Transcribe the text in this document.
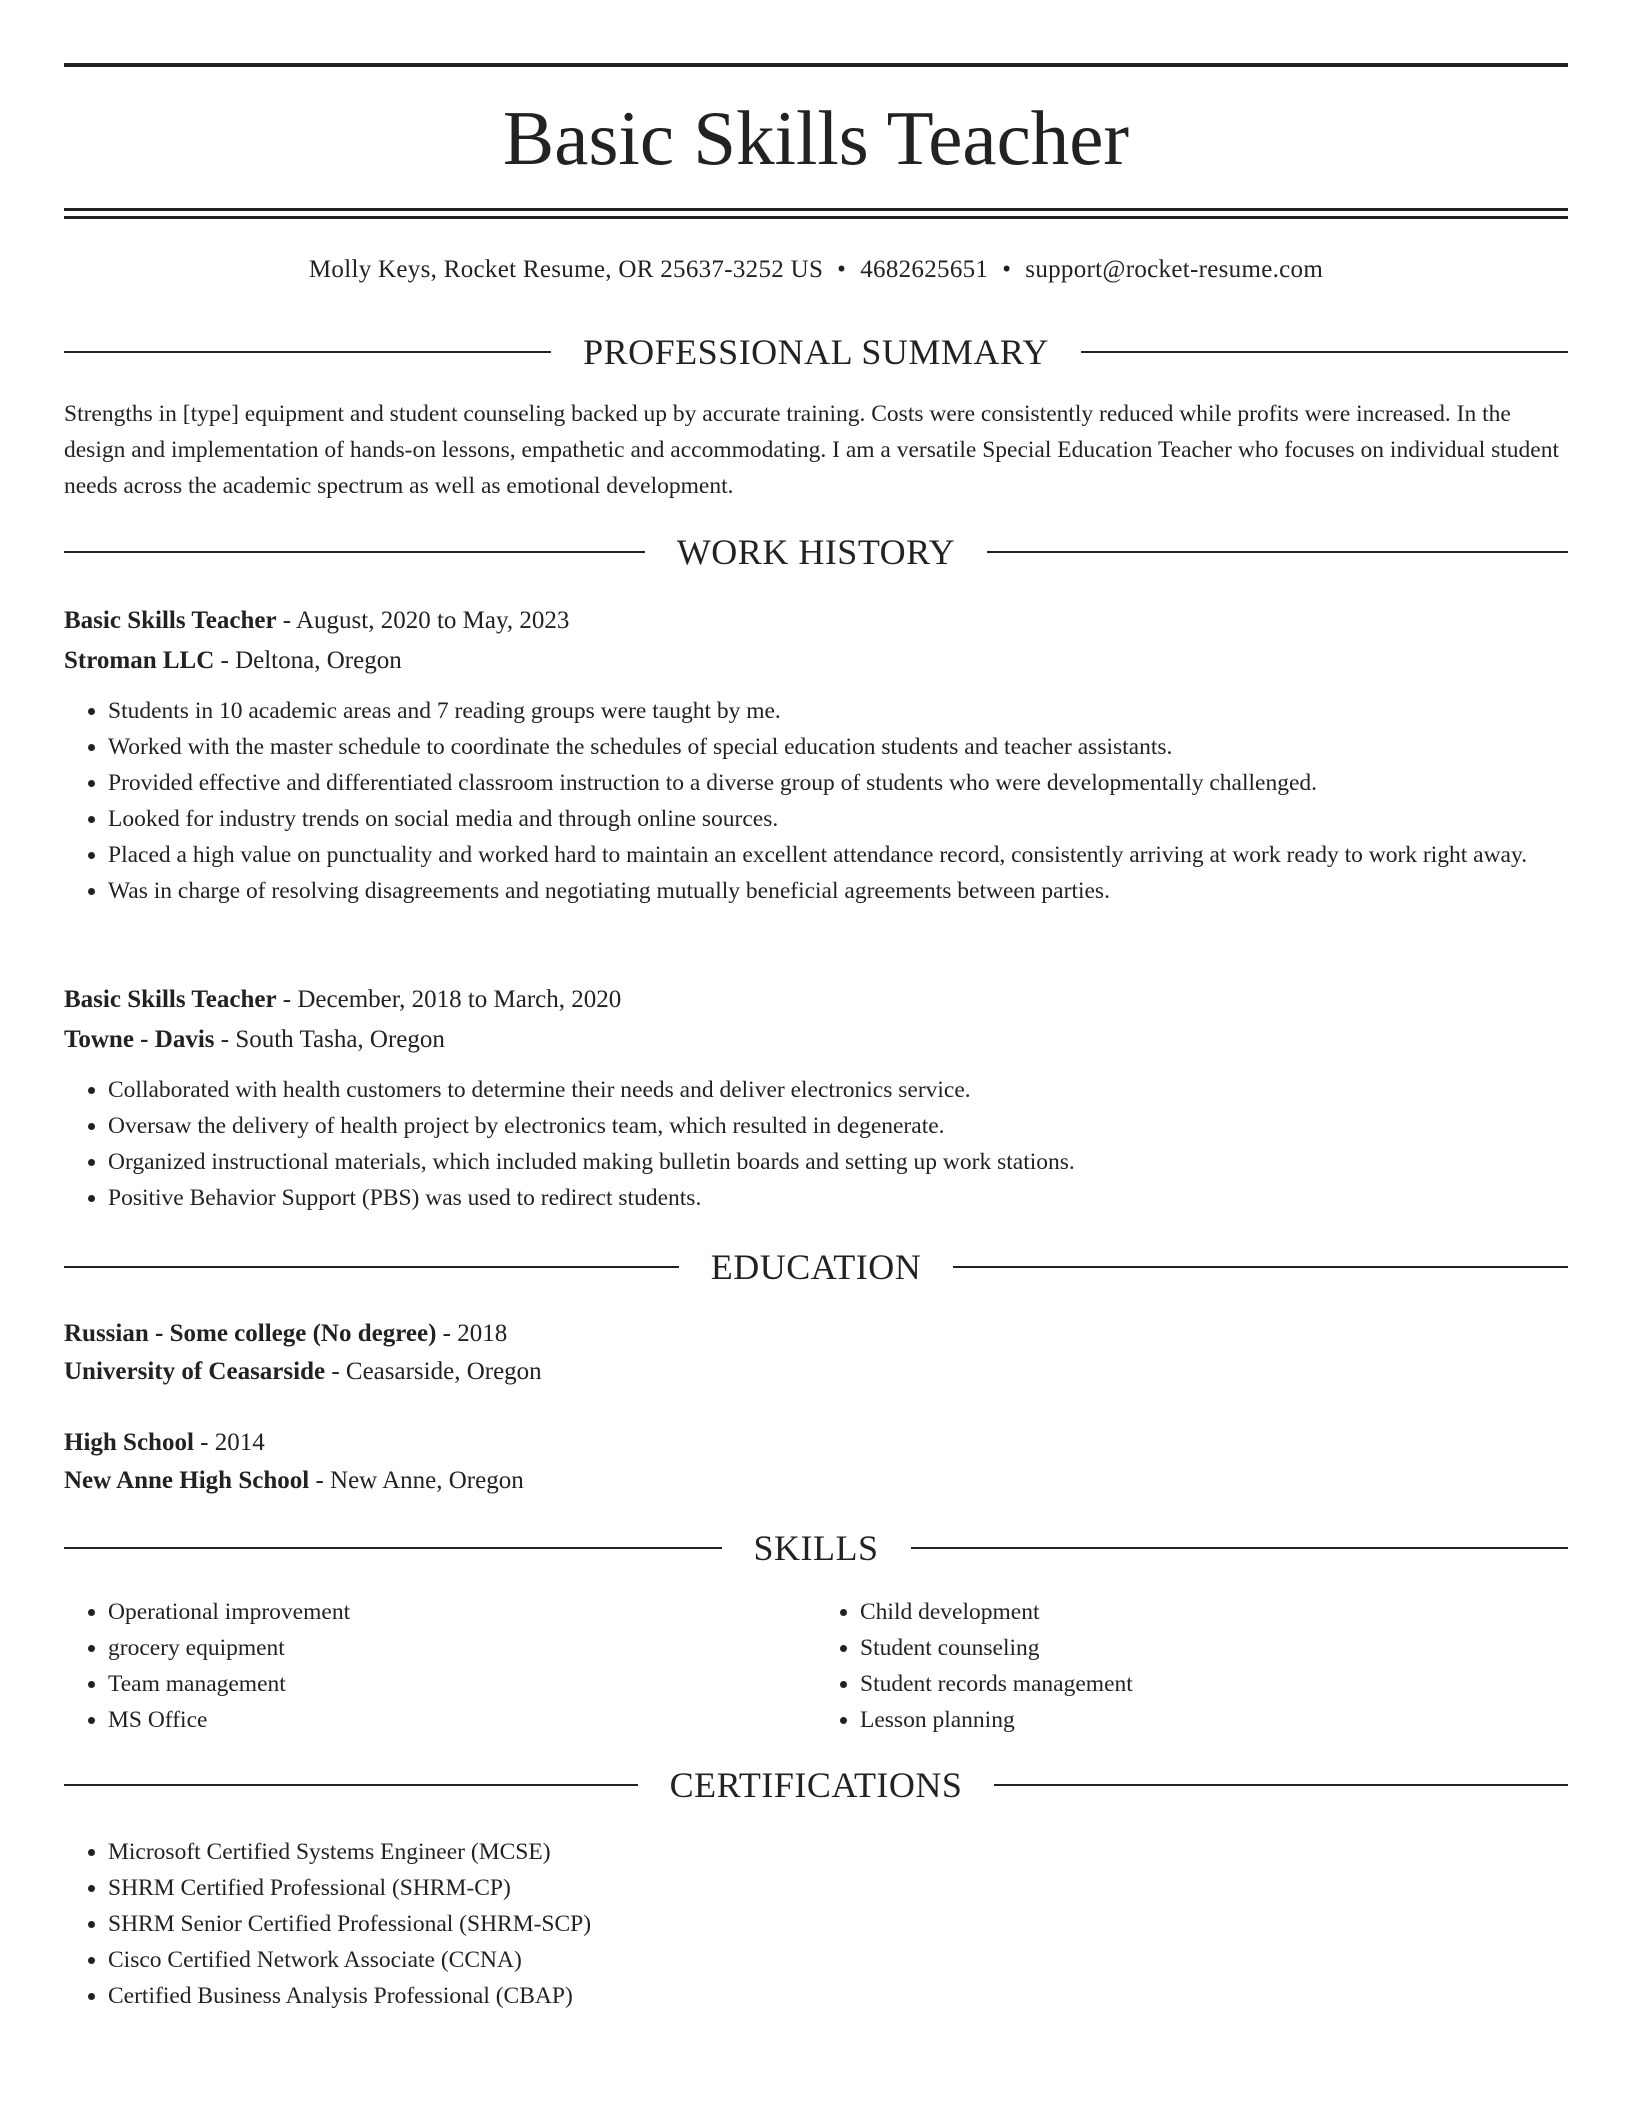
Basic Skills Teacher
Molly Keys, Rocket Resume, OR 25637-3252 US • 4682625651 • support@rocket-resume.com
PROFESSIONAL SUMMARY

Strengths in [type] equipment and student counseling backed up by accurate training. Costs were consistently reduced while profits were increased. In the design and implementation of hands-on lessons, empathetic and accommodating. I am a versatile Special Education Teacher who focuses on individual student needs across the academic spectrum as well as emotional development.

WORK HISTORY
Basic Skills Teacher - August, 2020 to May, 2023
Stroman LLC - Deltona, Oregon
• Students in 10 academic areas and 7 reading groups were taught by me.
• Worked with the master schedule to coordinate the schedules of special education students and teacher assistants.
• Provided effective and differentiated classroom instruction to a diverse group of students who were developmentally challenged.
• Looked for industry trends on social media and through online sources.
• Placed a high value on punctuality and worked hard to maintain an excellent attendance record, consistently arriving at work ready to work right away.
• Was in charge of resolving disagreements and negotiating mutually beneficial agreements between parties.
Basic Skills Teacher - December, 2018 to March, 2020
Towne - Davis - South Tasha, Oregon
• Collaborated with health customers to determine their needs and deliver electronics service.
• Oversaw the delivery of health project by electronics team, which resulted in degenerate.
• Organized instructional materials, which included making bulletin boards and setting up work stations.
• Positive Behavior Support (PBS) was used to redirect students.
EDUCATION
Russian - Some college (No degree) - 2018
University of Ceasarside - Ceasarside, Oregon
High School - 2014
New Anne High School - New Anne, Oregon
SKILLS
• Operational improvement
• grocery equipment
• Team management
• MS Office
• Child development
• Student counseling
• Student records management
• Lesson planning
CERTIFICATIONS
• Microsoft Certified Systems Engineer (MCSE)
• SHRM Certified Professional (SHRM-CP)
• SHRM Senior Certified Professional (SHRM-SCP)
• Cisco Certified Network Associate (CCNA)
• Certified Business Analysis Professional (CBAP)
